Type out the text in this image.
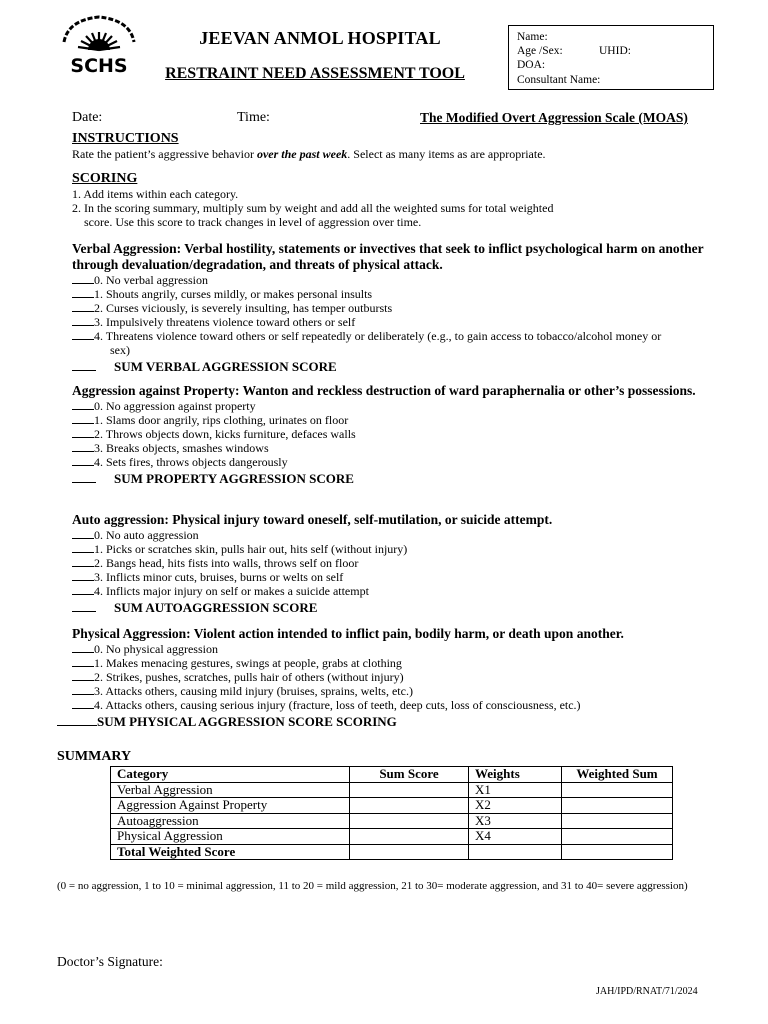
SCHS
JEEVAN ANMOL HOSPITAL
RESTRAINT NEED ASSESSMENT TOOL
Name:
Age /Sex:	UHID:
DOA:
Consultant Name:
Date:	Time:	The Modified Overt Aggression Scale (MOAS)
INSTRUCTIONS
Rate the patient’s aggressive behavior over the past week. Select as many items as are appropriate.
SCORING
1. Add items within each category.
2. In the scoring summary, multiply sum by weight and add all the weighted sums for total weighted
score. Use this score to track changes in level of aggression over time.
Verbal Aggression: Verbal hostility, statements or invectives that seek to inflict psychological harm on another through devaluation/degradation, and threats of physical attack.
0. No verbal aggression
1. Shouts angrily, curses mildly, or makes personal insults
2. Curses viciously, is severely insulting, has temper outbursts
3. Impulsively threatens violence toward others or self
4. Threatens violence toward others or self repeatedly or deliberately (e.g., to gain access to tobacco/alcohol money or
sex)
SUM VERBAL AGGRESSION SCORE
Aggression against Property: Wanton and reckless destruction of ward paraphernalia or other’s possessions.
0. No aggression against property
1. Slams door angrily, rips clothing, urinates on floor
2. Throws objects down, kicks furniture, defaces walls
3. Breaks objects, smashes windows
4. Sets fires, throws objects dangerously
SUM PROPERTY AGGRESSION SCORE
Auto aggression: Physical injury toward oneself, self-mutilation, or suicide attempt.
0. No auto aggression
1. Picks or scratches skin, pulls hair out, hits self (without injury)
2. Bangs head, hits fists into walls, throws self on floor
3. Inflicts minor cuts, bruises, burns or welts on self
4. Inflicts major injury on self or makes a suicide attempt
SUM AUTOAGGRESSION SCORE
Physical Aggression: Violent action intended to inflict pain, bodily harm, or death upon another.
0. No physical aggression
1. Makes menacing gestures, swings at people, grabs at clothing
2. Strikes, pushes, scratches, pulls hair of others (without injury)
3. Attacks others, causing mild injury (bruises, sprains, welts, etc.)
4. Attacks others, causing serious injury (fracture, loss of teeth, deep cuts, loss of consciousness, etc.)
SUM PHYSICAL AGGRESSION SCORE SCORING
SUMMARY
Category	Sum Score	Weights	Weighted Sum
Verbal Aggression		X1	
Aggression Against Property		X2	
Autoaggression		X3	
Physical Aggression		X4	
Total Weighted Score			
(0 = no aggression, 1 to 10 = minimal aggression, 11 to 20 = mild aggression, 21 to 30= moderate aggression, and 31 to 40= severe aggression)
Doctor’s Signature:
JAH/IPD/RNAT/71/2024
